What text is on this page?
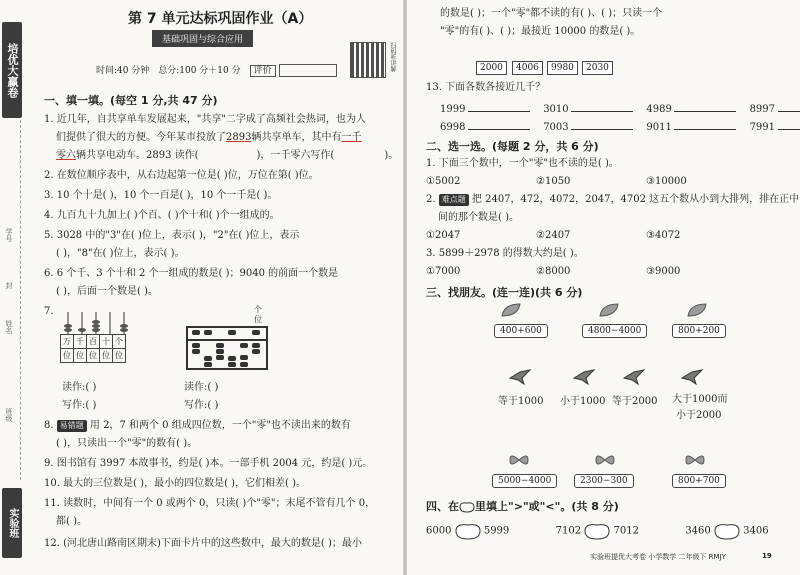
培优大赢卷
学号
封
姓名
班级
实验班
第 7 单元达标巩固作业（A）
基础巩固与综合应用
时间:40 分钟 总分:100 分＋10 分 评价	扫码听讲解
一、填一填。(每空 1 分,共 47 分)
1. 近几年，自共享单车发展起来，"共享"二字成了高频社会热词，也为人
们提供了很大的方便。今年某市投放了2893辆共享单车，其中有一千
零六辆共享电动车。2893 读作(	)，一千零六写作(	)。
2. 在数位顺序表中，从右边起第一位是( )位，万位在第( )位。
3. 10 个十是( )，10 个一百是( )，10 个一千是( )。
4. 九百九十九加上( )个百、( )个十和( )个一组成的。
5. 3028 中的"3"在( )位上，表示( )，"2"在( )位上，表示
( )，"8"在( )位上，表示( )。
6. 6 个千、3 个十和 2 个一组成的数是( )；9040 的前面一个数是
( )，后面一个数是( )。
7.
万	千	百	十	个
位	位	位	位	位
个
位
读作:( )
写作:( )
读作:( )
写作:( )
8. 易错题 用 2，7 和两个 0 组成四位数，一个"零"也不读出来的数有
( )，只读出一个"零"的数有( )。
9. 图书馆有 3997 本故事书，约是( )本。一部手机 2004 元，约是( )元。
10. 最大的三位数是( )，最小的四位数是( )，它们相差( )。
11. 读数时，中间有一个 0 或两个 0，只读( )个"零"；末尾不管有几个 0，
都( )。
12. (河北唐山路南区期末)下面卡片中的这些数中，最大的数是( )；最小
的数是( )；一个"零"都不读的有( )、( )；只读一个
"零"的有( )、( )；最接近 10000 的数是( )。
2000	4006	9980	2030
13. 下面各数各接近几千？
1999	3010	4989	8997
6998	7003	9011	7991
二、选一选。(每题 2 分，共 6 分)
1. 下面三个数中，一个"零"也不读的是( )。
①5002	②1050	③10000
2. 难点题 把 2407，472，4072，2047，4702 这五个数从小到大排列，排在正中
间的那个数是( )。
①2047	②2407	③4072
3. 5899＋2978 的得数大约是( )。
①7000	②8000	③9000
三、找朋友。(连一连)(共 6 分)
400+600	4800−4000	800+200
等于1000 小于1000 等于2000 大于1000而
小于2000
5000−4000	2300−300	800+700
四、在 里填上">"或"<"。(共 8 分)
6000	5999	7102	7012	3460	3406
实验班提优大考卷 小学数学 二年级下 RMJY	19
